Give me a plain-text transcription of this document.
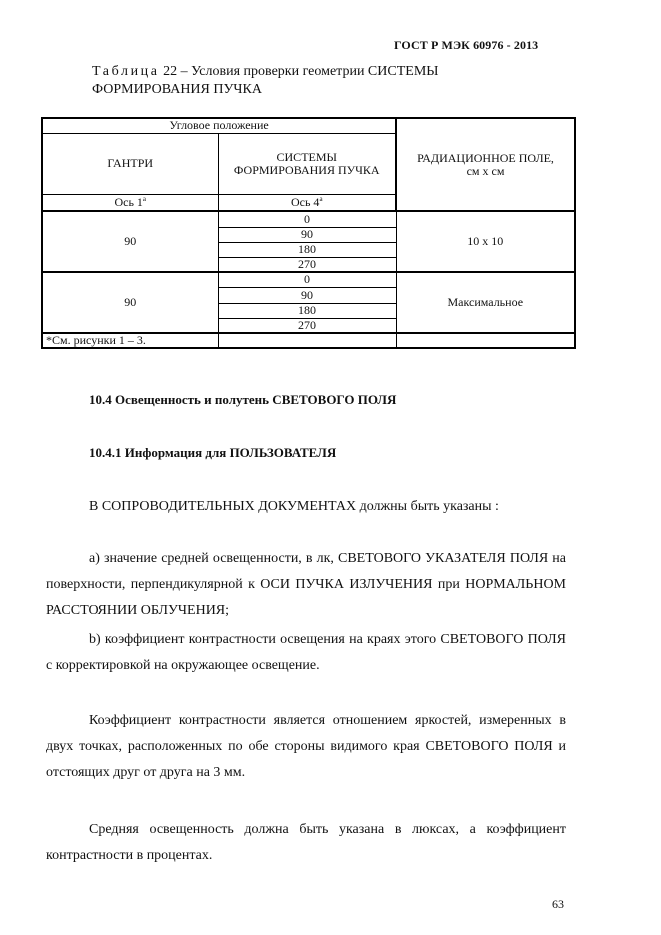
ГОСТ Р МЭК 60976 - 2013
Таблица 22 – Условия проверки геометрии СИСТЕМЫ
ФОРМИРОВАНИЯ ПУЧКА
Угловое положение		РАДИАЦИОННОЕ ПОЛЕ,
см х см
ГАНТРИ	СИСТЕМЫ
ФОРМИРОВАНИЯ ПУЧКА	
Ось 1$^a$	Ось 4$^a$
90	0	10 х 10
	90	
	180	
	270	
90	0	Максимальное
	90	
	180	
	270	
*См. рисунки 1 – 3.		
10.4 Освещенность и полутень СВЕТОВОГО ПОЛЯ
10.4.1 Информация для ПОЛЬЗОВАТЕЛЯ
В СОПРОВОДИТЕЛЬНЫХ ДОКУМЕНТАХ должны быть указаны :
a) значение средней освещенности, в лк, СВЕТОВОГО УКАЗАТЕЛЯ ПОЛЯ на поверхности, перпендикулярной к ОСИ ПУЧКА ИЗЛУЧЕНИЯ при НОРМАЛЬНОМ РАССТОЯНИИ ОБЛУЧЕНИЯ;
b) коэффициент контрастности освещения на краях этого СВЕТОВОГО ПОЛЯ с корректировкой на окружающее освещение.
Коэффициент контрастности является отношением яркостей, измеренных в двух точках, расположенных по обе стороны видимого края СВЕТОВОГО ПОЛЯ и отстоящих друг от друга на 3 мм.
Средняя освещенность должна быть указана в люксах, а коэффициент контрастности в процентах.
63
